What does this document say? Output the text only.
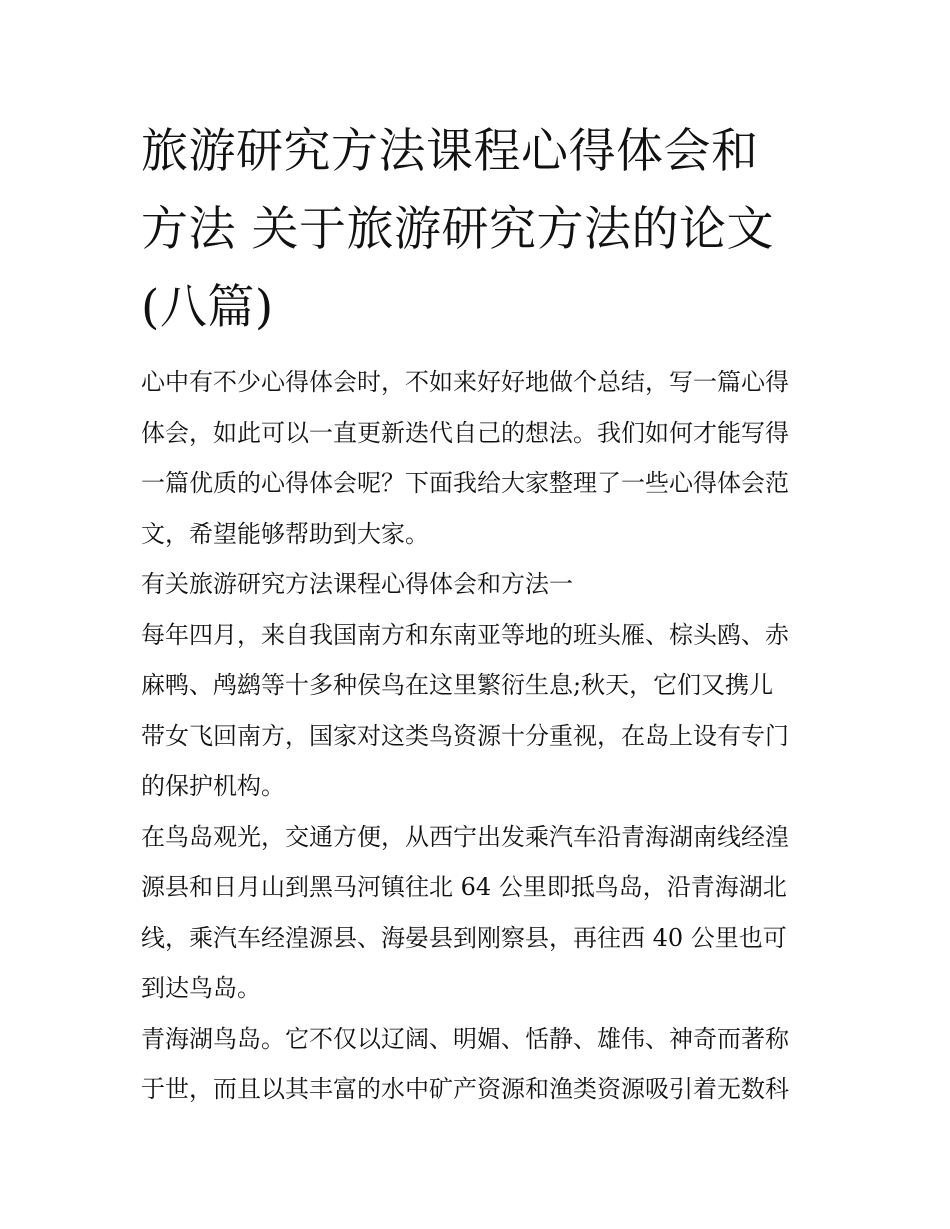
旅游研究方法课程心得体会和
方法 关于旅游研究方法的论文
(八篇)

心中有不少心得体会时，不如来好好地做个总结，写一篇心得
体会，如此可以一直更新迭代自己的想法。我们如何才能写得
一篇优质的心得体会呢？下面我给大家整理了一些心得体会范
文，希望能够帮助到大家。

有关旅游研究方法课程心得体会和方法一

每年四月，来自我国南方和东南亚等地的班头雁、棕头鸥、赤
麻鸭、鸬鹚等十多种侯鸟在这里繁衍生息;秋天，它们又携儿
带女飞回南方，国家对这类鸟资源十分重视，在岛上设有专门
的保护机构。

在鸟岛观光，交通方便，从西宁出发乘汽车沿青海湖南线经湟
源县和日月山到黑马河镇往北 64 公里即抵鸟岛，沿青海湖北
线，乘汽车经湟源县、海晏县到刚察县，再往西 40 公里也可
到达鸟岛。

青海湖鸟岛。它不仅以辽阔、明媚、恬静、雄伟、神奇而著称
于世，而且以其丰富的水中矿产资源和渔类资源吸引着无数科
